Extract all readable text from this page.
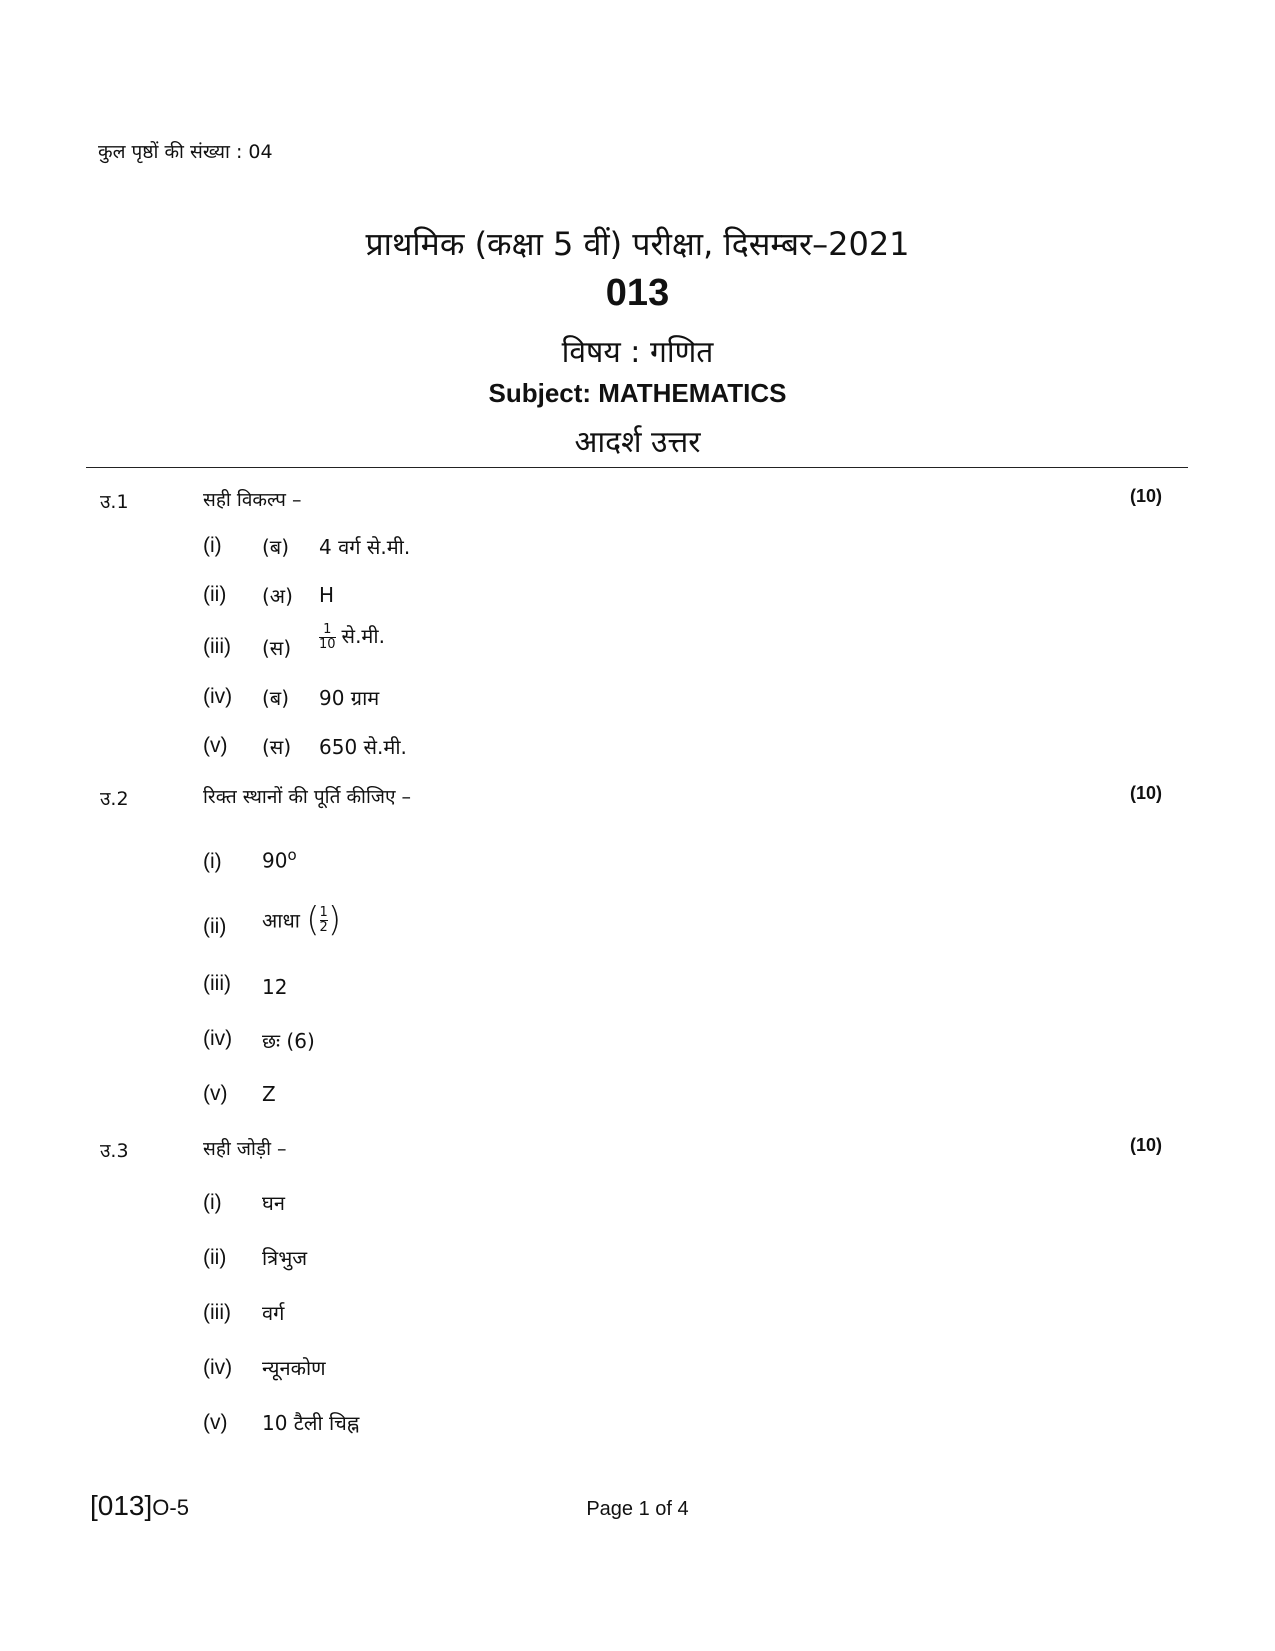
कुल पृष्ठों की संख्या : 04
प्राथमिक (कक्षा 5 वीं) परीक्षा, दिसम्बर–2021
013
विषय : गणित
Subject: MATHEMATICS
आदर्श उत्तर
उ.1	सही विकल्प –	(10)
(i) (ब) 4 वर्ग से.मी.
(ii) (अ) H
(iii) (स) $\frac{1}{10}$ से.मी.
(iv) (ब) 90 ग्राम
(v) (स) 650 से.मी.
उ.2	रिक्त स्थानों की पूर्ति कीजिए –	(10)
(i) 90$^o$
(ii) आधा ( $\frac{1}{2}$ )
(iii) 12
(iv) छः (6)
(v) Z
उ.3	सही जोड़ी –	(10)
(i) घन
(ii) त्रिभुज
(iii) वर्ग
(iv) न्यूनकोण
(v) 10 टैली चिह्न
[013]O-5	Page 1 of 4
